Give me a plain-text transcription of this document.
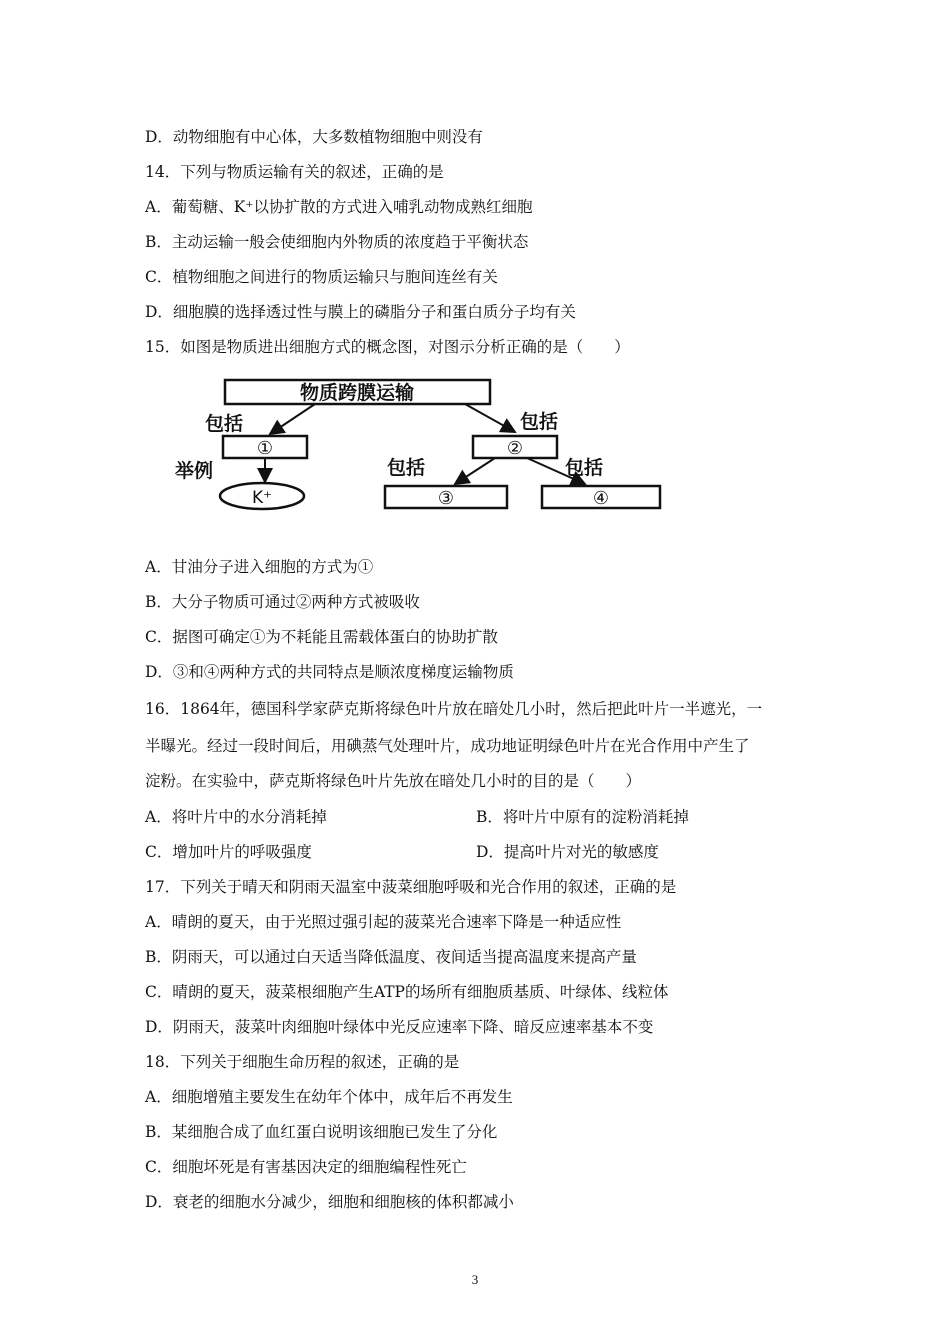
D．动物细胞有中心体，大多数植物细胞中则没有
14．下列与物质运输有关的叙述，正确的是
A．葡萄糖、K⁺以协扩散的方式进入哺乳动物成熟红细胞
B．主动运输一般会使细胞内外物质的浓度趋于平衡状态
C．植物细胞之间进行的物质运输只与胞间连丝有关
D．细胞膜的选择透过性与膜上的磷脂分子和蛋白质分子均有关
15．如图是物质进出细胞方式的概念图，对图示分析正确的是（　　）
物质跨膜运输
包括	包括
①	②
举例
K⁺
包括	包括
③	④
A．甘油分子进入细胞的方式为①
B．大分子物质可通过②两种方式被吸收
C．据图可确定①为不耗能且需载体蛋白的协助扩散
D．③和④两种方式的共同特点是顺浓度梯度运输物质
16．1864年，德国科学家萨克斯将绿色叶片放在暗处几小时，然后把此叶片一半遮光，一
半曝光。经过一段时间后，用碘蒸气处理叶片，成功地证明绿色叶片在光合作用中产生了
淀粉。在实验中，萨克斯将绿色叶片先放在暗处几小时的目的是（　　）
A．将叶片中的水分消耗掉	B．将叶片中原有的淀粉消耗掉
C．增加叶片的呼吸强度	D．提高叶片对光的敏感度
17．下列关于晴天和阴雨天温室中菠菜细胞呼吸和光合作用的叙述，正确的是
A．晴朗的夏天，由于光照过强引起的菠菜光合速率下降是一种适应性
B．阴雨天，可以通过白天适当降低温度、夜间适当提高温度来提高产量
C．晴朗的夏天，菠菜根细胞产生ATP的场所有细胞质基质、叶绿体、线粒体
D．阴雨天，菠菜叶肉细胞叶绿体中光反应速率下降、暗反应速率基本不变
18．下列关于细胞生命历程的叙述，正确的是
A．细胞增殖主要发生在幼年个体中，成年后不再发生
B．某细胞合成了血红蛋白说明该细胞已发生了分化
C．细胞坏死是有害基因决定的细胞编程性死亡
D．衰老的细胞水分减少，细胞和细胞核的体积都减小
3
